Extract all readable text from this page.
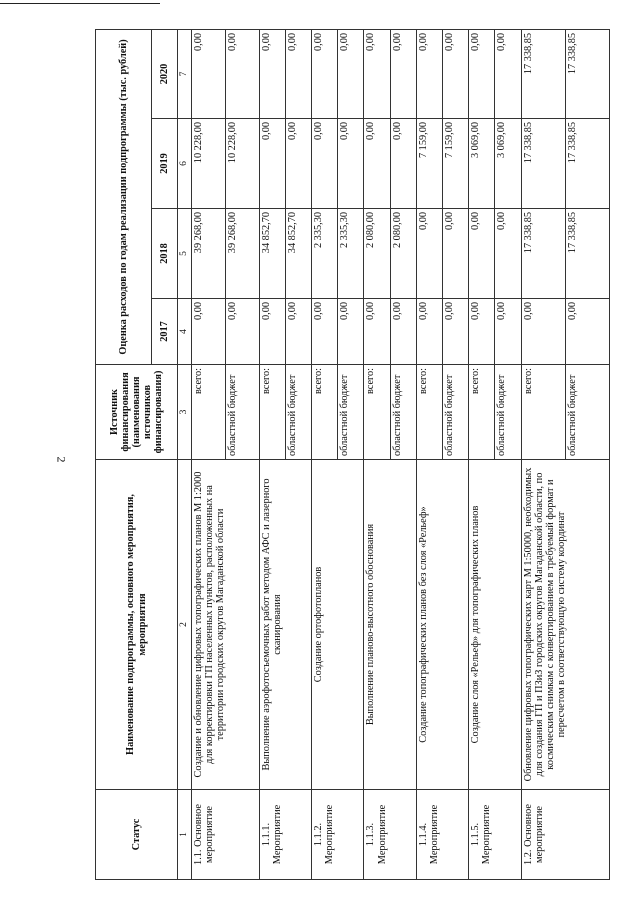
2
Статус	Наименование подпрограммы, основного мероприятия, мероприятия	Источник финансирования (наименования источников финансирования)	Оценка расходов по годам реализации подпрограммы (тыс. рублей)			
			2017	2018	2019	2020
1	2	3	4	5	6	7
1.1. Основное мероприятие	Создание и обновление цифровых топографических планов М 1:2000 для корректировки ГП населенных пунктов, расположенных на территории городских округов Магаданской области	всего:	0,00	39 268,00	10 228,00	0,00
		областной бюджет	0,00	39 268,00	10 228,00	0,00
1.1.1. Мероприятие	Выполнение аэрофотосъемочных работ методом АФС и лазерного сканирования	всего:	0,00	34 852,70	0,00	0,00
		областной бюджет	0,00	34 852,70	0,00	0,00
1.1.2. Мероприятие	Создание ортофотопланов	всего:	0,00	2 335,30	0,00	0,00
		областной бюджет	0,00	2 335,30	0,00	0,00
1.1.3. Мероприятие	Выполнение планово-высотного обоснования	всего:	0,00	2 080,00	0,00	0,00
		областной бюджет	0,00	2 080,00	0,00	0,00
1.1.4. Мероприятие	Создание топографических планов без слоя «Рельеф»	всего:	0,00	0,00	7 159,00	0,00
		областной бюджет	0,00	0,00	7 159,00	0,00
1.1.5. Мероприятие	Создание слоя «Рельеф» для топографических планов	всего:	0,00	0,00	3 069,00	0,00
		областной бюджет	0,00	0,00	3 069,00	0,00
1.2. Основное мероприятие	Обновление цифровых топографических карт М 1:50000, необходимых для создания ГП и ПЗиЗ городских округов Магаданской области, по космическим снимкам с конвертированием в требуемый формат и пересчетом в соответствующую систему координат	всего:	0,00	17 338,85	17 338,85	17 338,85
		областной бюджет	0,00	17 338,85	17 338,85	17 338,85
